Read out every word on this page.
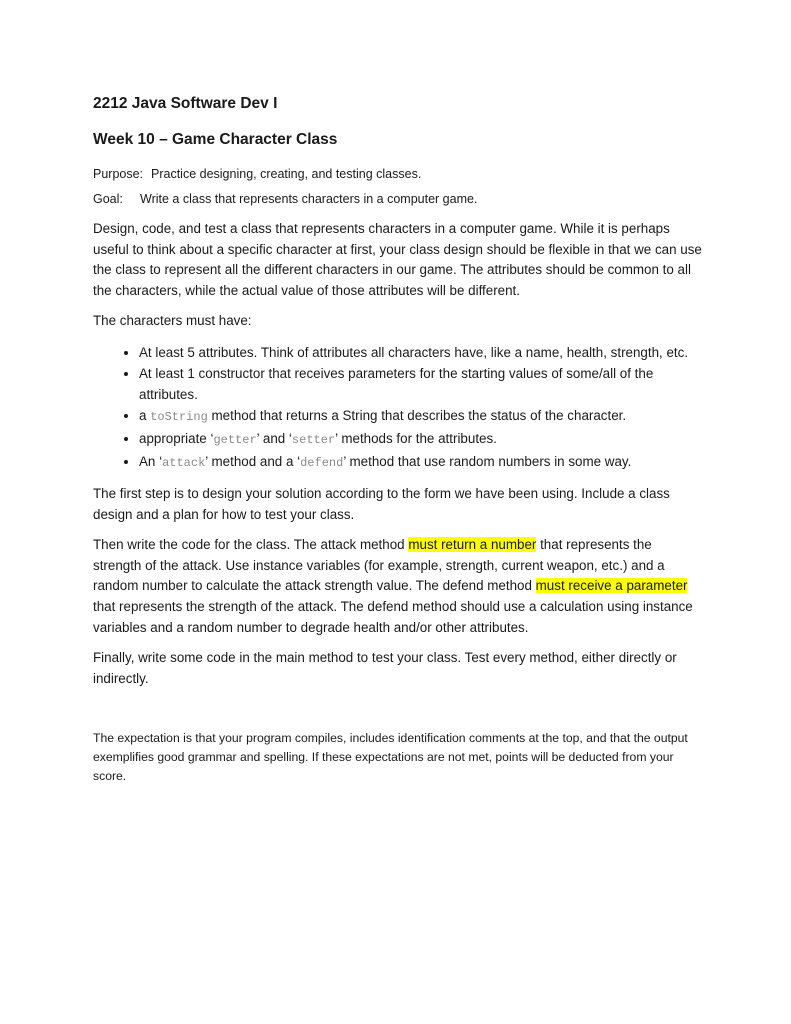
2212 Java Software Dev I
Week 10 – Game Character Class
Purpose: Practice designing, creating, and testing classes.
Goal: Write a class that represents characters in a computer game.

Design, code, and test a class that represents characters in a computer game. While it is perhaps useful to think about a specific character at first, your class design should be flexible in that we can use the class to represent all the different characters in our game. The attributes should be common to all the characters, while the actual value of those attributes will be different.

The characters must have:

• At least 5 attributes. Think of attributes all characters have, like a name, health, strength, etc.
• At least 1 constructor that receives parameters for the starting values of some/all of the attributes.
• a toString method that returns a String that describes the status of the character.
• appropriate ‘getter’ and ‘setter’ methods for the attributes.
• An ‘attack’ method and a ‘defend’ method that use random numbers in some way.

The first step is to design your solution according to the form we have been using. Include a class design and a plan for how to test your class.

Then write the code for the class. The attack method must return a number that represents the strength of the attack. Use instance variables (for example, strength, current weapon, etc.) and a random number to calculate the attack strength value. The defend method must receive a parameter that represents the strength of the attack. The defend method should use a calculation using instance variables and a random number to degrade health and/or other attributes.

Finally, write some code in the main method to test your class. Test every method, either directly or indirectly.

The expectation is that your program compiles, includes identification comments at the top, and that the output exemplifies good grammar and spelling. If these expectations are not met, points will be deducted from your score.
